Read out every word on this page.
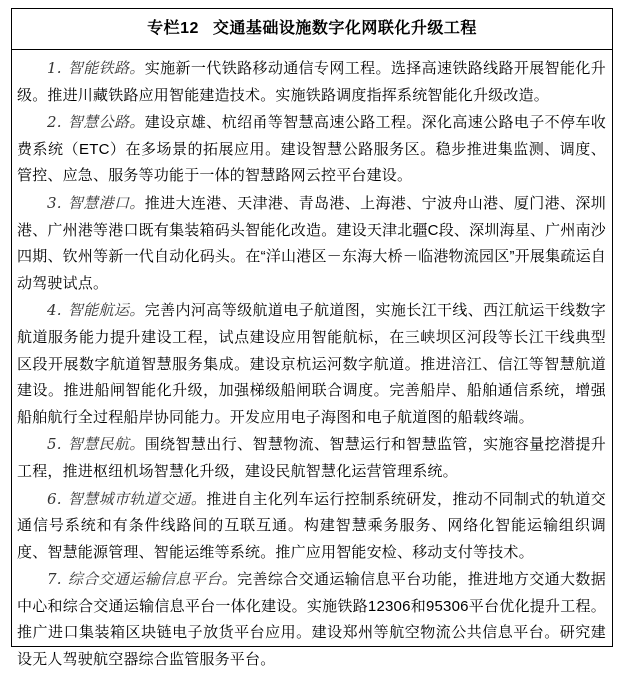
专栏12 交通基础设施数字化网联化升级工程

1. 智能铁路。实施新一代铁路移动通信专网工程。选择高速铁路线路开展智能化升级。推进川藏铁路应用智能建造技术。实施铁路调度指挥系统智能化升级改造。

2. 智慧公路。建设京雄、杭绍甬等智慧高速公路工程。深化高速公路电子不停车收费系统（ETC）在多场景的拓展应用。建设智慧公路服务区。稳步推进集监测、调度、管控、应急、服务等功能于一体的智慧路网云控平台建设。

3. 智慧港口。推进大连港、天津港、青岛港、上海港、宁波舟山港、厦门港、深圳港、广州港等港口既有集装箱码头智能化改造。建设天津北疆C段、深圳海星、广州南沙四期、钦州等新一代自动化码头。在“洋山港区－东海大桥－临港物流园区”开展集疏运自动驾驶试点。

4. 智能航运。完善内河高等级航道电子航道图，实施长江干线、西江航运干线数字航道服务能力提升建设工程，试点建设应用智能航标，在三峡坝区河段等长江干线典型区段开展数字航道智慧服务集成。建设京杭运河数字航道。推进涪江、信江等智慧航道建设。推进船闸智能化升级，加强梯级船闸联合调度。完善船岸、船舶通信系统，增强船舶航行全过程船岸协同能力。开发应用电子海图和电子航道图的船载终端。

5. 智慧民航。围绕智慧出行、智慧物流、智慧运行和智慧监管，实施容量挖潜提升工程，推进枢纽机场智慧化升级，建设民航智慧化运营管理系统。

6. 智慧城市轨道交通。推进自主化列车运行控制系统研发，推动不同制式的轨道交通信号系统和有条件线路间的互联互通。构建智慧乘务服务、网络化智能运输组织调度、智慧能源管理、智能运维等系统。推广应用智能安检、移动支付等技术。

7. 综合交通运输信息平台。完善综合交通运输信息平台功能，推进地方交通大数据中心和综合交通运输信息平台一体化建设。实施铁路12306和95306平台优化提升工程。推广进口集装箱区块链电子放货平台应用。建设郑州等航空物流公共信息平台。研究建设无人驾驶航空器综合监管服务平台。
